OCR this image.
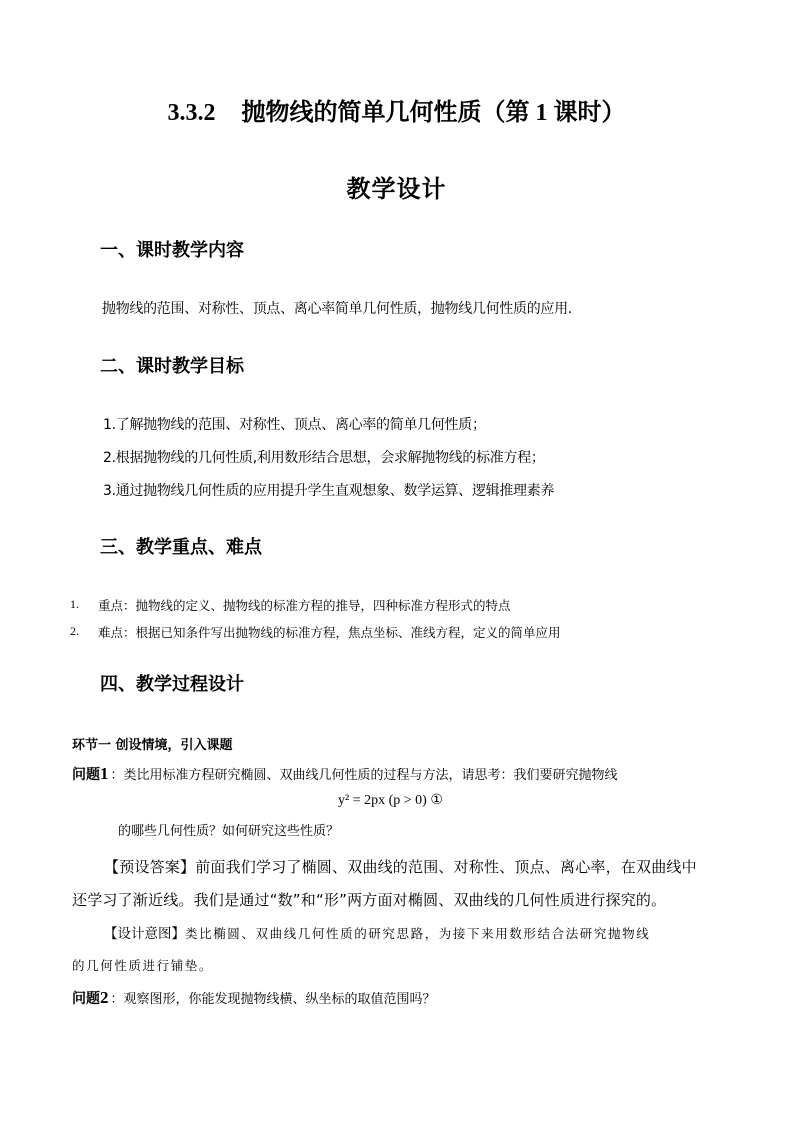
3.3.2 抛物线的简单几何性质（第 1 课时）
教学设计
一、课时教学内容
抛物线的范围、对称性、顶点、离心率简单几何性质，抛物线几何性质的应用.
二、课时教学目标
1.了解抛物线的范围、对称性、顶点、离心率的简单几何性质；
2.根据抛物线的几何性质,利用数形结合思想，会求解抛物线的标准方程；
3.通过抛物线几何性质的应用提升学生直观想象、数学运算、逻辑推理素养
三、教学重点、难点
1. 重点：抛物线的定义、抛物线的标准方程的推导，四种标准方程形式的特点
2. 难点：根据已知条件写出抛物线的标准方程，焦点坐标、准线方程，定义的简单应用
四、教学过程设计
环节一 创设情境，引入课题
问题1 ：类比用标准方程研究椭圆、双曲线几何性质的过程与方法，请思考：我们要研究抛物线
y² = 2px (p > 0) ①
的哪些几何性质？如何研究这些性质？
【预设答案】前面我们学习了椭圆、双曲线的范围、对称性、顶点、离心率，在双曲线中
还学习了渐近线。我们是通过“数”和“形”两方面对椭圆、双曲线的几何性质进行探究的。
【设计意图】类比椭圆、双曲线几何性质的研究思路，为接下来用数形结合法研究抛物线
的几何性质进行铺垫。
问题2 ：观察图形，你能发现抛物线横、纵坐标的取值范围吗？
